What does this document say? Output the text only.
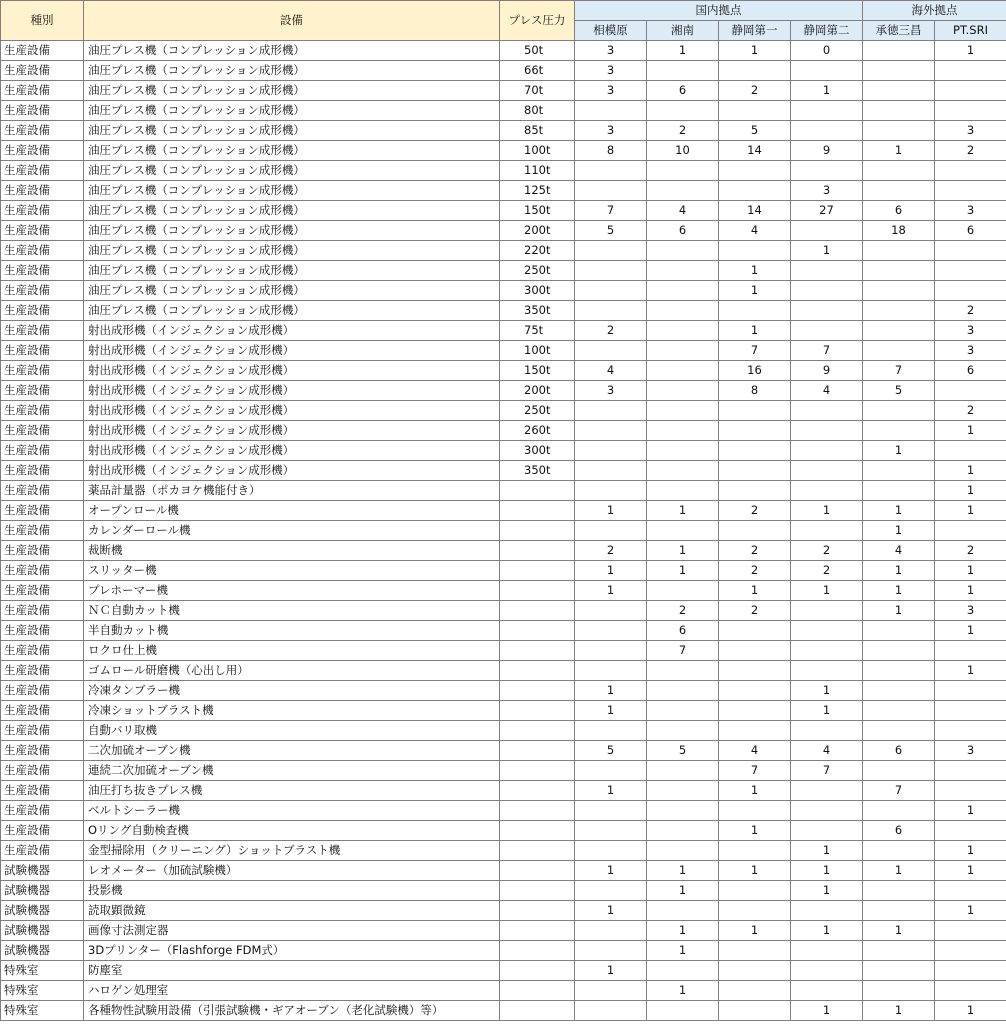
種別	設備	プレス圧力	国内拠点				海外拠点	
			相模原	湘南	静岡第一	静岡第二	承徳三昌	PT.SRI
生産設備	油圧プレス機（コンプレッション成形機）	50t	3	1	1	0		1
生産設備	油圧プレス機（コンプレッション成形機）	66t	3					
生産設備	油圧プレス機（コンプレッション成形機）	70t	3	6	2	1		
生産設備	油圧プレス機（コンプレッション成形機）	80t						
生産設備	油圧プレス機（コンプレッション成形機）	85t	3	2	5			3
生産設備	油圧プレス機（コンプレッション成形機）	100t	8	10	14	9	1	2
生産設備	油圧プレス機（コンプレッション成形機）	110t						
生産設備	油圧プレス機（コンプレッション成形機）	125t				3		
生産設備	油圧プレス機（コンプレッション成形機）	150t	7	4	14	27	6	3
生産設備	油圧プレス機（コンプレッション成形機）	200t	5	6	4		18	6
生産設備	油圧プレス機（コンプレッション成形機）	220t				1		
生産設備	油圧プレス機（コンプレッション成形機）	250t			1			
生産設備	油圧プレス機（コンプレッション成形機）	300t			1			
生産設備	油圧プレス機（コンプレッション成形機）	350t						2
生産設備	射出成形機（インジェクション成形機）	75t	2		1			3
生産設備	射出成形機（インジェクション成形機）	100t			7	7		3
生産設備	射出成形機（インジェクション成形機）	150t	4		16	9	7	6
生産設備	射出成形機（インジェクション成形機）	200t	3		8	4	5	
生産設備	射出成形機（インジェクション成形機）	250t						2
生産設備	射出成形機（インジェクション成形機）	260t						1
生産設備	射出成形機（インジェクション成形機）	300t					1	
生産設備	射出成形機（インジェクション成形機）	350t						1
生産設備	薬品計量器（ポカヨケ機能付き）							1
生産設備	オープンロール機		1	1	2	1	1	1
生産設備	カレンダーロール機						1	
生産設備	裁断機		2	1	2	2	4	2
生産設備	スリッター機		1	1	2	2	1	1
生産設備	プレホーマー機		1		1	1	1	1
生産設備	ＮＣ自動カット機			2	2		1	3
生産設備	半自動カット機			6				1
生産設備	ロクロ仕上機			7				
生産設備	ゴムロール研磨機（心出し用）							1
生産設備	冷凍タンブラー機		1			1		
生産設備	冷凍ショットブラスト機		1			1		
生産設備	自動バリ取機							
生産設備	二次加硫オーブン機		5	5	4	4	6	3
生産設備	連続二次加硫オーブン機				7	7		
生産設備	油圧打ち抜きプレス機		1		1		7	
生産設備	ベルトシーラー機							1
生産設備	Oリング自動検査機				1		6	
生産設備	金型掃除用（クリーニング）ショットブラスト機					1		1
試験機器	レオメーター（加硫試験機）		1	1	1	1	1	1
試験機器	投影機			1		1		
試験機器	読取顕微鏡		1					1
試験機器	画像寸法測定器			1	1	1	1	
試験機器	3Dプリンター（Flashforge FDM式）			1				
特殊室	防塵室		1					
特殊室	ハロゲン処理室			1				
特殊室	各種物性試験用設備（引張試験機・ギアオーブン（老化試験機）等）					1	1	1
